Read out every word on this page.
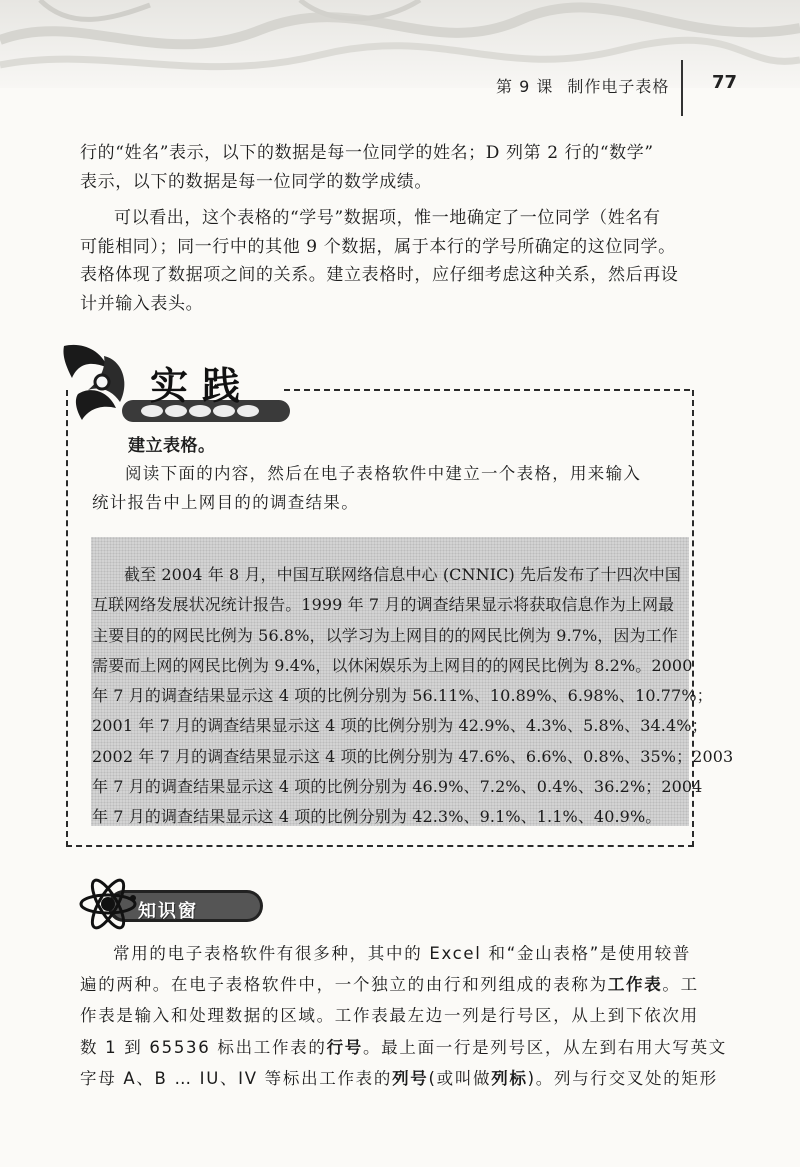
第 9 课 制作电子表格 77

行的“姓名”表示，以下的数据是每一位同学的姓名；D 列第 2 行的“数学”
表示，以下的数据是每一位同学的数学成绩。

可以看出，这个表格的“学号”数据项，惟一地确定了一位同学（姓名有
可能相同）；同一行中的其他 9 个数据，属于本行的学号所确定的这位同学。
表格体现了数据项之间的关系。建立表格时，应仔细考虑这种关系，然后再设
计并输入表头。

实践
建立表格。

阅读下面的内容，然后在电子表格软件中建立一个表格，用来输入
统计报告中上网目的的调查结果。

截至 2004 年 8 月，中国互联网络信息中心 (CNNIC) 先后发布了十四次中国
互联网络发展状况统计报告。1999 年 7 月的调查结果显示将获取信息作为上网最
主要目的的网民比例为 56.8%，以学习为上网目的的网民比例为 9.7%，因为工作
需要而上网的网民比例为 9.4%，以休闲娱乐为上网目的的网民比例为 8.2%。2000
年 7 月的调查结果显示这 4 项的比例分别为 56.11%、10.89%、6.98%、10.77%；
2001 年 7 月的调查结果显示这 4 项的比例分别为 42.9%、4.3%、5.8%、34.4%；
2002 年 7 月的调查结果显示这 4 项的比例分别为 47.6%、6.6%、0.8%、35%；2003
年 7 月的调查结果显示这 4 项的比例分别为 46.9%、7.2%、0.4%、36.2%；2004
年 7 月的调查结果显示这 4 项的比例分别为 42.3%、9.1%、1.1%、40.9%。

知识窗

常用的电子表格软件有很多种，其中的 Excel 和“金山表格”是使用较普
遍的两种。在电子表格软件中，一个独立的由行和列组成的表称为工作表。工
作表是输入和处理数据的区域。工作表最左边一列是行号区，从上到下依次用
数 1 到 65536 标出工作表的行号。最上面一行是列号区，从左到右用大写英文
字母 A、B … IU、IV 等标出工作表的列号(或叫做列标)。列与行交叉处的矩形
